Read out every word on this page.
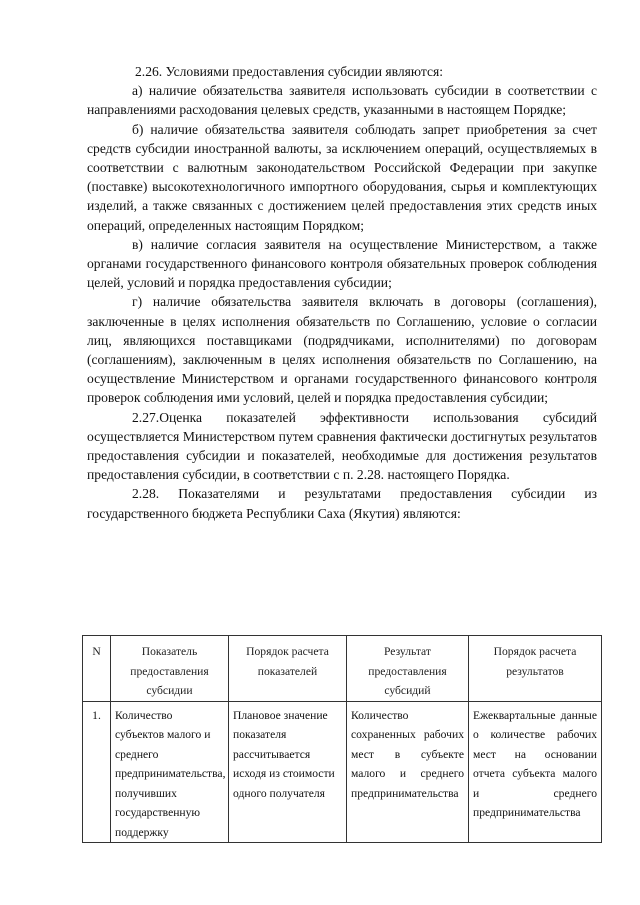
2.26. Условиями предоставления субсидии являются:

а) наличие обязательства заявителя использовать субсидии в соответствии с направлениями расходования целевых средств, указанными в настоящем Порядке;

б) наличие обязательства заявителя соблюдать запрет приобретения за счет средств субсидии иностранной валюты, за исключением операций, осуществляемых в соответствии с валютным законодательством Российской Федерации при закупке (поставке) высокотехнологичного импортного оборудования, сырья и комплектующих изделий, а также связанных с достижением целей предоставления этих средств иных операций, определенных настоящим Порядком;

в) наличие согласия заявителя на осуществление Министерством, а также органами государственного финансового контроля обязательных проверок соблюдения целей, условий и порядка предоставления субсидии;

г) наличие обязательства заявителя включать в договоры (соглашения), заключенные в целях исполнения обязательств по Соглашению, условие о согласии лиц, являющихся поставщиками (подрядчиками, исполнителями) по договорам (соглашениям), заключенным в целях исполнения обязательств по Соглашению, на осуществление Министерством и органами государственного финансового контроля проверок соблюдения ими условий, целей и порядка предоставления субсидии;

2.27.Оценка показателей эффективности использования субсидий осуществляется Министерством путем сравнения фактически достигнутых результатов предоставления субсидии и показателей, необходимые для достижения результатов предоставления субсидии, в соответствии с п. 2.28. настоящего Порядка.

2.28. Показателями и результатами предоставления субсидии из государственного бюджета Республики Саха (Якутия) являются:

N	Показатель предоставления субсидии	Порядок расчета показателей	Результат предоставления субсидий	Порядок расчета результатов
1.	Количество субъектов малого и среднего предпринимательства, получивших государственную поддержку	Плановое значение показателя рассчитывается исходя из стоимости одного получателя	Количество сохраненных рабочих мест в субъекте малого и среднего предпринимательства	Ежеквартальные данные о количестве рабочих мест на основании отчета субъекта малого и среднего предпринимательства
